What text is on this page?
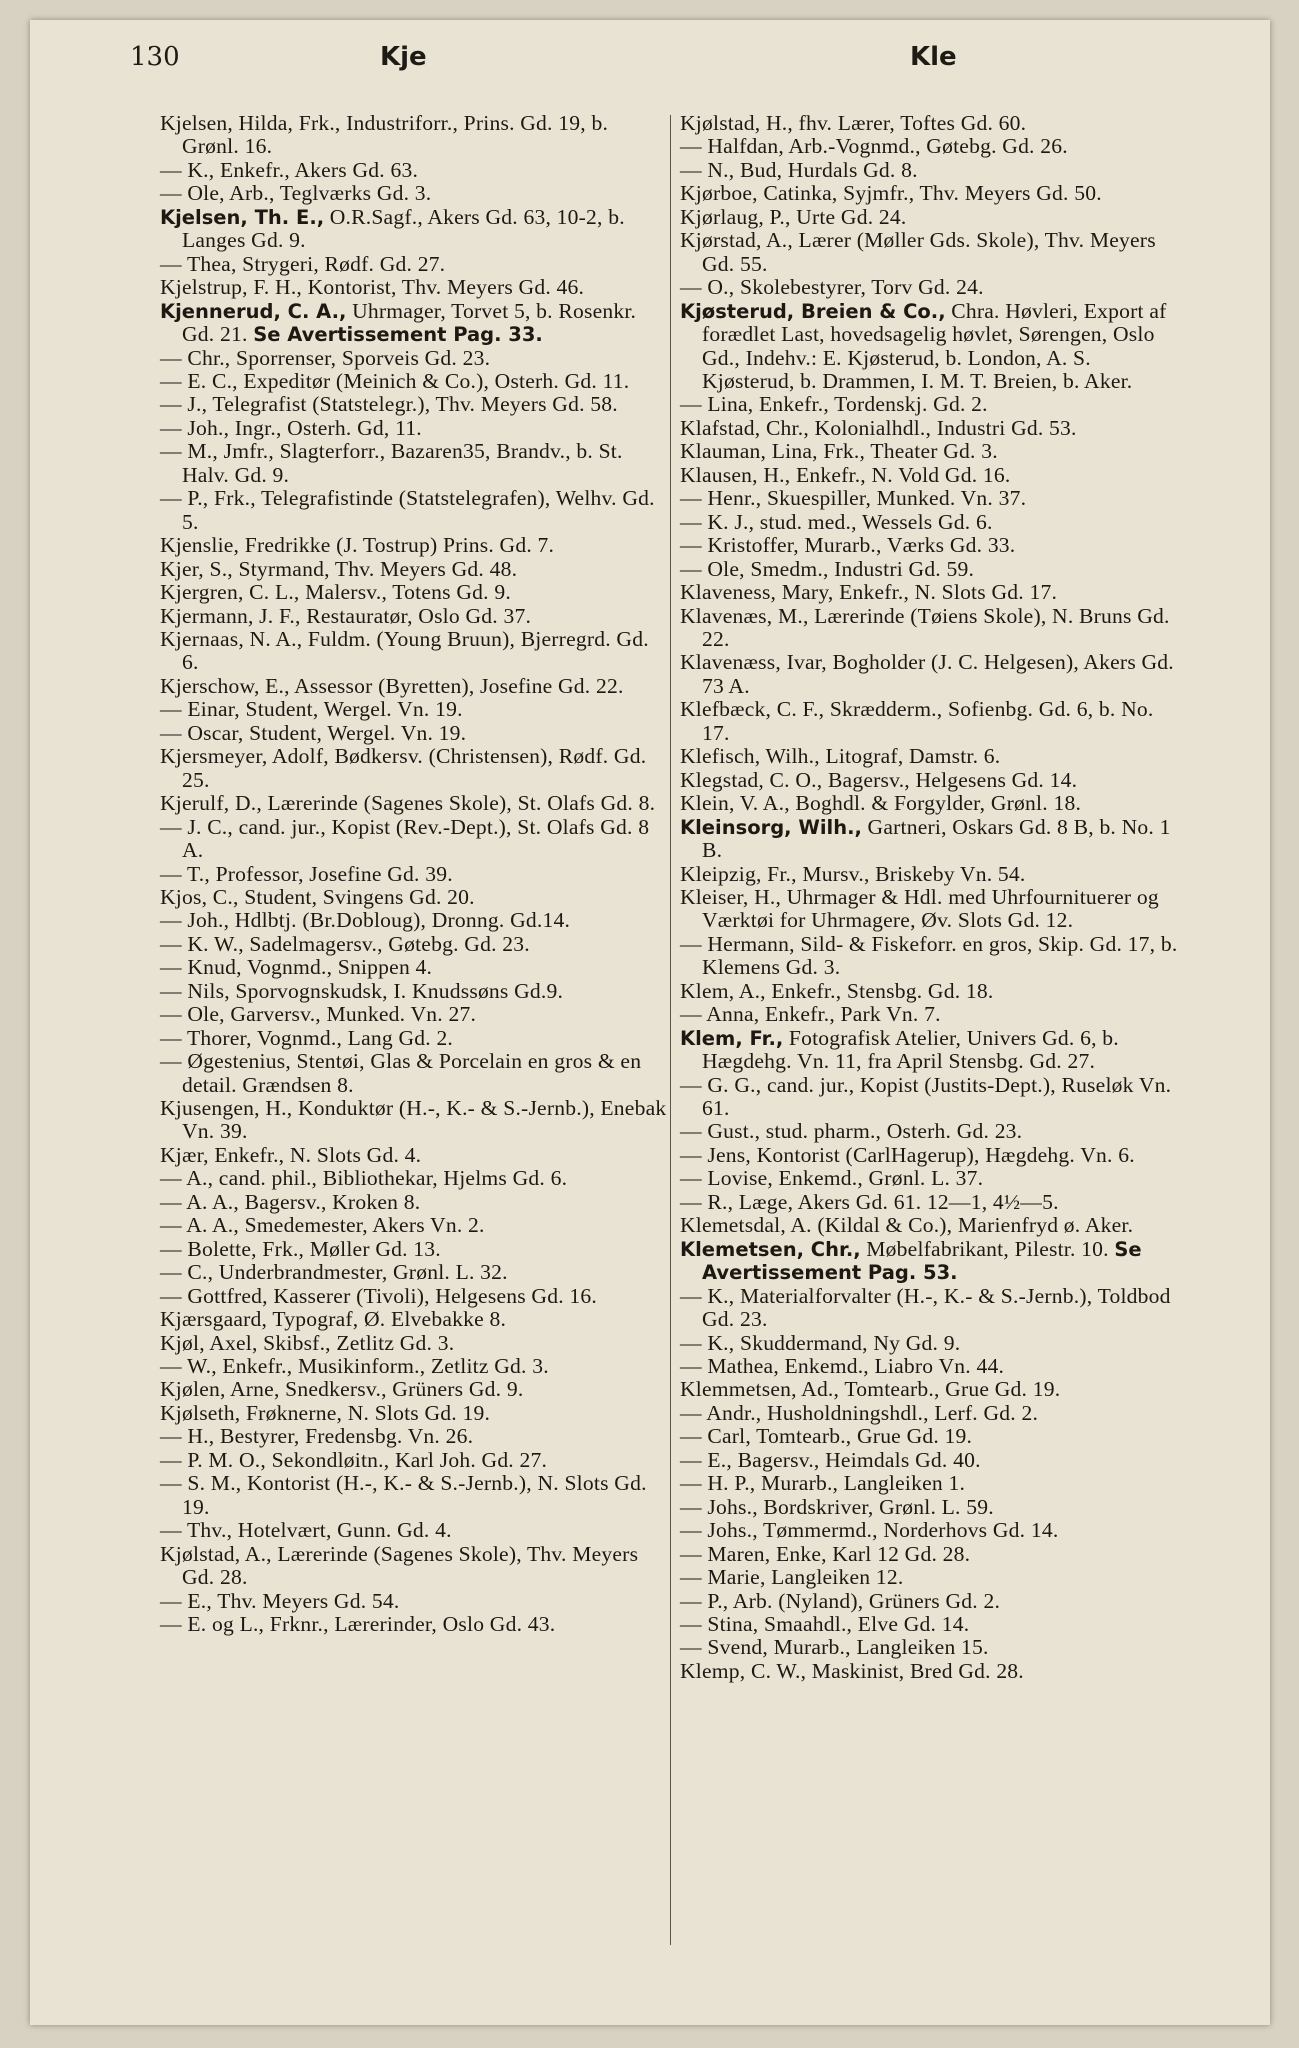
130	Kje	Kle

Kjelsen, Hilda, Frk., Industriforr., Prins. Gd. 19, b. Grønl. 16.

— K., Enkefr., Akers Gd. 63.

— Ole, Arb., Teglværks Gd. 3.

Kjelsen, Th. E., O.R.Sagf., Akers Gd. 63, 10-2, b. Langes Gd. 9.

— Thea, Strygeri, Rødf. Gd. 27.

Kjelstrup, F. H., Kontorist, Thv. Meyers Gd. 46.

Kjennerud, C. A., Uhrmager, Torvet 5, b. Rosenkr. Gd. 21. Se Avertissement Pag. 33.

— Chr., Sporrenser, Sporveis Gd. 23.

— E. C., Expeditør (Meinich & Co.), Osterh. Gd. 11.

— J., Telegrafist (Statstelegr.), Thv. Meyers Gd. 58.

— Joh., Ingr., Osterh. Gd, 11.

— M., Jmfr., Slagterforr., Bazaren35, Brandv., b. St. Halv. Gd. 9.

— P., Frk., Telegrafistinde (Statstelegrafen), Welhv. Gd. 5.

Kjenslie, Fredrikke (J. Tostrup) Prins. Gd. 7.

Kjer, S., Styrmand, Thv. Meyers Gd. 48.

Kjergren, C. L., Malersv., Totens Gd. 9.

Kjermann, J. F., Restauratør, Oslo Gd. 37.

Kjernaas, N. A., Fuldm. (Young Bruun), Bjerregrd. Gd. 6.

Kjerschow, E., Assessor (Byretten), Josefine Gd. 22.

— Einar, Student, Wergel. Vn. 19.

— Oscar, Student, Wergel. Vn. 19.

Kjersmeyer, Adolf, Bødkersv. (Christensen), Rødf. Gd. 25.

Kjerulf, D., Lærerinde (Sagenes Skole), St. Olafs Gd. 8.

— J. C., cand. jur., Kopist (Rev.-Dept.), St. Olafs Gd. 8 A.

— T., Professor, Josefine Gd. 39.

Kjos, C., Student, Svingens Gd. 20.

— Joh., Hdlbtj. (Br.Dobloug), Dronng. Gd.14.

— K. W., Sadelmagersv., Gøtebg. Gd. 23.

— Knud, Vognmd., Snippen 4.

— Nils, Sporvognskudsk, I. Knudssøns Gd.9.

— Ole, Garversv., Munked. Vn. 27.

— Thorer, Vognmd., Lang Gd. 2.

— Øgestenius, Stentøi, Glas & Porcelain en gros & en detail. Grændsen 8.

Kjusengen, H., Konduktør (H.-, K.- & S.-Jernb.), Enebak Vn. 39.

Kjær, Enkefr., N. Slots Gd. 4.

— A., cand. phil., Bibliothekar, Hjelms Gd. 6.

— A. A., Bagersv., Kroken 8.

— A. A., Smedemester, Akers Vn. 2.

— Bolette, Frk., Møller Gd. 13.

— C., Underbrandmester, Grønl. L. 32.

— Gottfred, Kasserer (Tivoli), Helgesens Gd. 16.

Kjærsgaard, Typograf, Ø. Elvebakke 8.

Kjøl, Axel, Skibsf., Zetlitz Gd. 3.

— W., Enkefr., Musikinform., Zetlitz Gd. 3.

Kjølen, Arne, Snedkersv., Grüners Gd. 9.

Kjølseth, Frøknerne, N. Slots Gd. 19.

— H., Bestyrer, Fredensbg. Vn. 26.

— P. M. O., Sekondløitn., Karl Joh. Gd. 27.

— S. M., Kontorist (H.-, K.- & S.-Jernb.), N. Slots Gd. 19.

— Thv., Hotelvært, Gunn. Gd. 4.

Kjølstad, A., Lærerinde (Sagenes Skole), Thv. Meyers Gd. 28.

— E., Thv. Meyers Gd. 54.

— E. og L., Frknr., Lærerinder, Oslo Gd. 43.

Kjølstad, H., fhv. Lærer, Toftes Gd. 60.

— Halfdan, Arb.-Vognmd., Gøtebg. Gd. 26.

— N., Bud, Hurdals Gd. 8.

Kjørboe, Catinka, Syjmfr., Thv. Meyers Gd. 50.

Kjørlaug, P., Urte Gd. 24.

Kjørstad, A., Lærer (Møller Gds. Skole), Thv. Meyers Gd. 55.

— O., Skolebestyrer, Torv Gd. 24.

Kjøsterud, Breien & Co., Chra. Høvleri, Export af forædlet Last, hovedsagelig høvlet, Sørengen, Oslo Gd., Indehv.: E. Kjøsterud, b. London, A. S. Kjøsterud, b. Drammen, I. M. T. Breien, b. Aker.

— Lina, Enkefr., Tordenskj. Gd. 2.

Klafstad, Chr., Kolonialhdl., Industri Gd. 53.

Klauman, Lina, Frk., Theater Gd. 3.

Klausen, H., Enkefr., N. Vold Gd. 16.

— Henr., Skuespiller, Munked. Vn. 37.

— K. J., stud. med., Wessels Gd. 6.

— Kristoffer, Murarb., Værks Gd. 33.

— Ole, Smedm., Industri Gd. 59.

Klaveness, Mary, Enkefr., N. Slots Gd. 17.

Klavenæs, M., Lærerinde (Tøiens Skole), N. Bruns Gd. 22.

Klavenæss, Ivar, Bogholder (J. C. Helgesen), Akers Gd. 73 A.

Klefbæck, C. F., Skrædderm., Sofienbg. Gd. 6, b. No. 17.

Klefisch, Wilh., Litograf, Damstr. 6.

Klegstad, C. O., Bagersv., Helgesens Gd. 14.

Klein, V. A., Boghdl. & Forgylder, Grønl. 18.

Kleinsorg, Wilh., Gartneri, Oskars Gd. 8 B, b. No. 1 B.

Kleipzig, Fr., Mursv., Briskeby Vn. 54.

Kleiser, H., Uhrmager & Hdl. med Uhrfournituerer og Værktøi for Uhrmagere, Øv. Slots Gd. 12.

— Hermann, Sild- & Fiskeforr. en gros, Skip. Gd. 17, b. Klemens Gd. 3.

Klem, A., Enkefr., Stensbg. Gd. 18.

— Anna, Enkefr., Park Vn. 7.

Klem, Fr., Fotografisk Atelier, Univers Gd. 6, b. Hægdehg. Vn. 11, fra April Stensbg. Gd. 27.

— G. G., cand. jur., Kopist (Justits-Dept.), Ruseløk Vn. 61.

— Gust., stud. pharm., Osterh. Gd. 23.

— Jens, Kontorist (CarlHagerup), Hægdehg. Vn. 6.

— Lovise, Enkemd., Grønl. L. 37.

— R., Læge, Akers Gd. 61. 12—1, 4½—5.

Klemetsdal, A. (Kildal & Co.), Marienfryd ø. Aker.

Klemetsen, Chr., Møbelfabrikant, Pilestr. 10. Se Avertissement Pag. 53.

— K., Materialforvalter (H.-, K.- & S.-Jernb.), Toldbod Gd. 23.

— K., Skuddermand, Ny Gd. 9.

— Mathea, Enkemd., Liabro Vn. 44.

Klemmetsen, Ad., Tomtearb., Grue Gd. 19.

— Andr., Husholdningshdl., Lerf. Gd. 2.

— Carl, Tomtearb., Grue Gd. 19.

— E., Bagersv., Heimdals Gd. 40.

— H. P., Murarb., Langleiken 1.

— Johs., Bordskriver, Grønl. L. 59.

— Johs., Tømmermd., Norderhovs Gd. 14.

— Maren, Enke, Karl 12 Gd. 28.

— Marie, Langleiken 12.

— P., Arb. (Nyland), Grüners Gd. 2.

— Stina, Smaahdl., Elve Gd. 14.

— Svend, Murarb., Langleiken 15.

Klemp, C. W., Maskinist, Bred Gd. 28.
